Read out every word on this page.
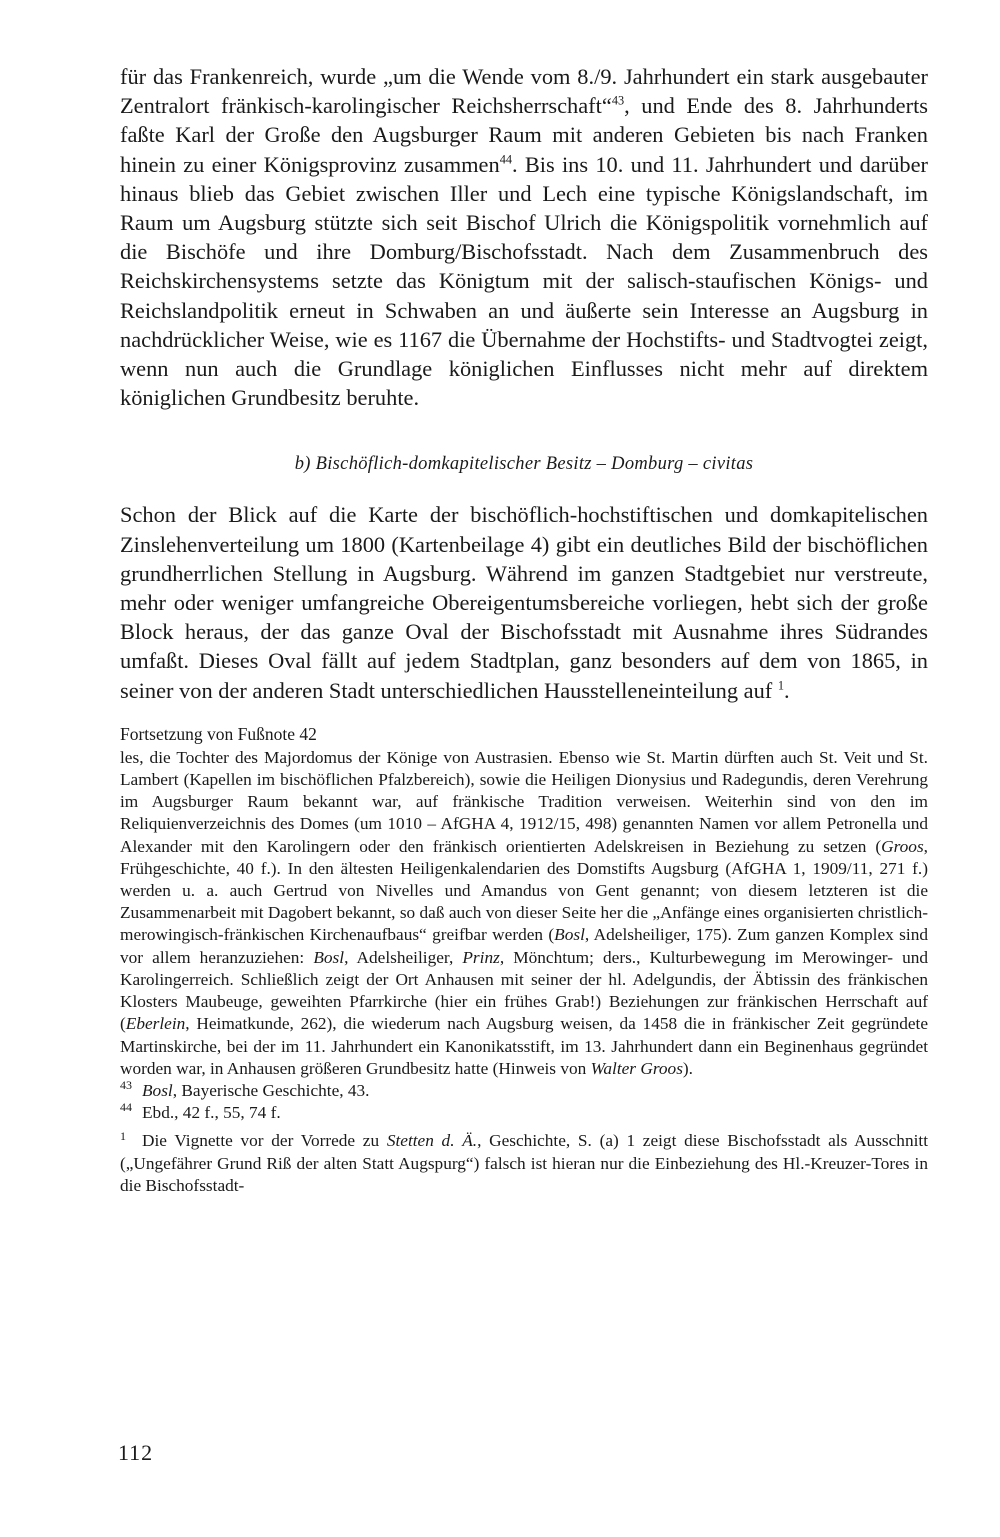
für das Frankenreich, wurde „um die Wende vom 8./9. Jahrhundert ein stark ausgebauter Zentralort fränkisch-karolingischer Reichsherrschaft“$^{43}$, und Ende des 8. Jahrhunderts faßte Karl der Große den Augsburger Raum mit anderen Gebieten bis nach Franken hinein zu einer Königsprovinz zusammen$^{44}$. Bis ins 10. und 11. Jahrhundert und darüber hinaus blieb das Gebiet zwischen Iller und Lech eine typische Königslandschaft, im Raum um Augsburg stützte sich seit Bischof Ulrich die Königspolitik vornehmlich auf die Bischöfe und ihre Domburg/Bischofsstadt. Nach dem Zusammenbruch des Reichskirchensystems setzte das Königtum mit der salisch-staufischen Königs- und Reichslandpolitik erneut in Schwaben an und äußerte sein Interesse an Augsburg in nachdrücklicher Weise, wie es 1167 die Übernahme der Hochstifts- und Stadtvogtei zeigt, wenn nun auch die Grundlage königlichen Einflusses nicht mehr auf direktem königlichen Grundbesitz beruhte.

b) Bischöflich-domkapitelischer Besitz – Domburg – civitas

Schon der Blick auf die Karte der bischöflich-hochstiftischen und domkapitelischen Zinslehenverteilung um 1800 (Kartenbeilage 4) gibt ein deutliches Bild der bischöflichen grundherrlichen Stellung in Augsburg. Während im ganzen Stadtgebiet nur verstreute, mehr oder weniger umfangreiche Obereigentumsbereiche vorliegen, hebt sich der große Block heraus, der das ganze Oval der Bischofsstadt mit Ausnahme ihres Südrandes umfaßt. Dieses Oval fällt auf jedem Stadtplan, ganz besonders auf dem von 1865, in seiner von der anderen Stadt unterschiedlichen Hausstelleneinteilung auf $^1$.

Fortsetzung von Fußnote 42

les, die Tochter des Majordomus der Könige von Austrasien. Ebenso wie St. Martin dürften auch St. Veit und St. Lambert (Kapellen im bischöflichen Pfalzbereich), sowie die Heiligen Dionysius und Radegundis, deren Verehrung im Augsburger Raum bekannt war, auf fränkische Tradition verweisen. Weiterhin sind von den im Reliquienverzeichnis des Domes (um 1010 – AfGHA 4, 1912/15, 498) genannten Namen vor allem Petronella und Alexander mit den Karolingern oder den fränkisch orientierten Adelskreisen in Beziehung zu setzen (Groos, Frühgeschichte, 40 f.). In den ältesten Heiligenkalendarien des Domstifts Augsburg (AfGHA 1, 1909/11, 271 f.) werden u. a. auch Gertrud von Nivelles und Amandus von Gent genannt; von diesem letzteren ist die Zusammenarbeit mit Dagobert bekannt, so daß auch von dieser Seite her die „Anfänge eines organisierten christlich-merowingisch-fränkischen Kirchenaufbaus“ greifbar werden (Bosl, Adelsheiliger, 175). Zum ganzen Komplex sind vor allem heranzuziehen: Bosl, Adelsheiliger, Prinz, Mönchtum; ders., Kulturbewegung im Merowinger- und Karolingerreich. Schließlich zeigt der Ort Anhausen mit seiner der hl. Adelgundis, der Äbtissin des fränkischen Klosters Maubeuge, geweihten Pfarrkirche (hier ein frühes Grab!) Beziehungen zur fränkischen Herrschaft auf (Eberlein, Heimatkunde, 262), die wiederum nach Augsburg weisen, da 1458 die in fränkischer Zeit gegründete Martinskirche, bei der im 11. Jahrhundert ein Kanonikatsstift, im 13. Jahrhundert dann ein Beginenhaus gegründet worden war, in Anhausen größeren Grundbesitz hatte (Hinweis von Walter Groos).

43 Bosl, Bayerische Geschichte, 43.

44 Ebd., 42 f., 55, 74 f.

1 Die Vignette vor der Vorrede zu Stetten d. Ä., Geschichte, S. (a) 1 zeigt diese Bischofsstadt als Ausschnitt („Ungefährer Grund Riß der alten Statt Augspurg“) falsch ist hieran nur die Einbeziehung des Hl.-Kreuzer-Tores in die Bischofsstadt-

112
